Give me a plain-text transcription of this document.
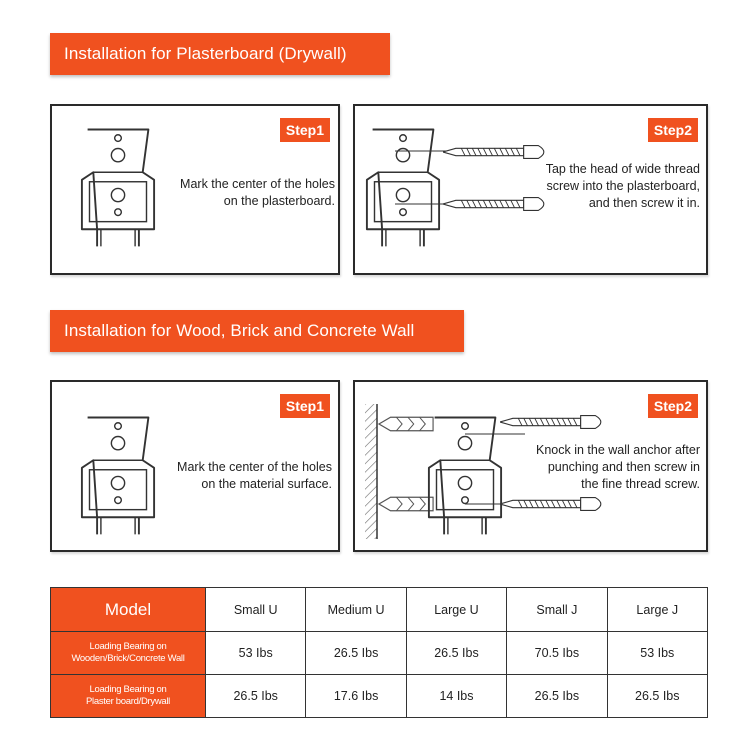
Installation for Plasterboard (Drywall)
Step1
Mark the center of the holes
on the plasterboard.
Step2
Tap the head of wide thread
screw into the plasterboard,
and then screw it in.
Installation for Wood, Brick and Concrete Wall
Step1
Mark the center of the holes
on the material surface.
Step2
Knock in the wall anchor after
punching and then screw in
the fine thread screw.
Model	Small U	Medium U	Large U	Small J	Large J

Loading Bearing on
Wooden/Brick/Concrete Wall	53 Ibs	26.5 Ibs	26.5 Ibs	70.5 Ibs	53 Ibs

Loading Bearing on
Plaster board/Drywall	26.5 Ibs	17.6 Ibs	14 Ibs	26.5 Ibs	26.5 Ibs
